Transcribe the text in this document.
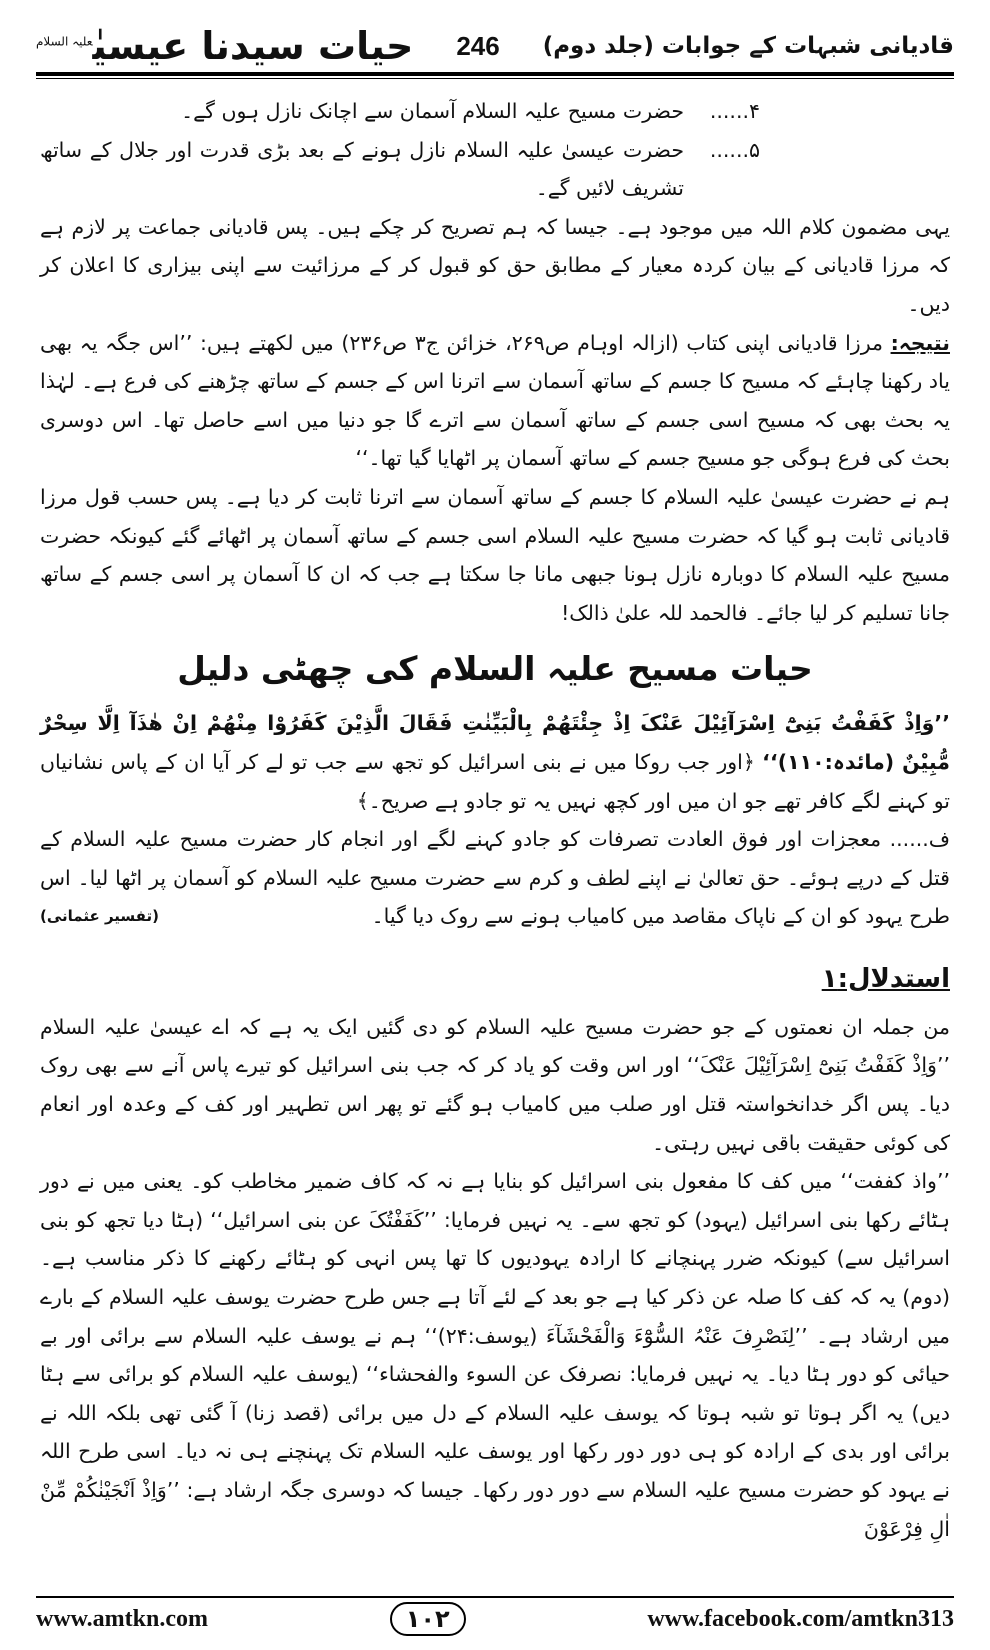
حیات سیدنا عیسیٰ$^{علیہ السلام}$	246 قادیانی شبہات کے جوابات (جلد دوم)
۴......
حضرت مسیح علیہ السلام آسمان سے اچانک نازل ہوں گے۔
۵......
حضرت عیسیٰ علیہ السلام نازل ہونے کے بعد بڑی قدرت اور جلال کے ساتھ تشریف لائیں گے۔

یہی مضمون کلام اللہ میں موجود ہے۔ جیسا کہ ہم تصریح کر چکے ہیں۔ پس قادیانی جماعت پر لازم ہے کہ مرزا قادیانی کے بیان کردہ معیار کے مطابق حق کو قبول کر کے مرزائیت سے اپنی بیزاری کا اعلان کر دیں۔

نتیجہ: مرزا قادیانی اپنی کتاب (ازالہ اوہام ص۲۶۹، خزائن ج۳ ص۲۳۶) میں لکھتے ہیں: ’’اس جگہ یہ بھی یاد رکھنا چاہئے کہ مسیح کا جسم کے ساتھ آسمان سے اترنا اس کے جسم کے ساتھ چڑھنے کی فرع ہے۔ لہٰذا یہ بحث بھی کہ مسیح اسی جسم کے ساتھ آسمان سے اترے گا جو دنیا میں اسے حاصل تھا۔ اس دوسری بحث کی فرع ہوگی جو مسیح جسم کے ساتھ آسمان پر اٹھایا گیا تھا۔‘‘

ہم نے حضرت عیسیٰ علیہ السلام کا جسم کے ساتھ آسمان سے اترنا ثابت کر دیا ہے۔ پس حسب قول مرزا قادیانی ثابت ہو گیا کہ حضرت مسیح علیہ السلام اسی جسم کے ساتھ آسمان پر اٹھائے گئے کیونکہ حضرت مسیح علیہ السلام کا دوبارہ نازل ہونا جبھی مانا جا سکتا ہے جب کہ ان کا آسمان پر اسی جسم کے ساتھ جانا تسلیم کر لیا جائے۔ فالحمد للہ علیٰ ذالک!

حیات مسیح علیہ السلام کی چھٹی دلیل

’’وَاِذْ کَفَفْتُ بَنِیْٓ اِسْرَآئِیْلَ عَنْکَ اِذْ جِئْتَھُمْ بِالْبَیِّنٰتِ فَقَالَ الَّذِیْنَ کَفَرُوْا مِنْھُمْ اِنْ ھٰذَآ اِلَّا سِحْرٌ مُّبِیْنٌ (مائدہ:۱۱۰)‘‘ ﴿اور جب روکا میں نے بنی اسرائیل کو تجھ سے جب تو لے کر آیا ان کے پاس نشانیاں تو کہنے لگے کافر تھے جو ان میں اور کچھ نہیں یہ تو جادو ہے صریح۔﴾

ف...... معجزات اور فوق العادت تصرفات کو جادو کہنے لگے اور انجام کار حضرت مسیح علیہ السلام کے قتل کے درپے ہوئے۔ حق تعالیٰ نے اپنے لطف و کرم سے حضرت مسیح علیہ السلام کو آسمان پر اٹھا لیا۔ اس طرح یہود کو ان کے ناپاک مقاصد میں کامیاب ہونے سے روک دیا گیا۔
(تفسیر عثمانی)

استدلال:۱

من جملہ ان نعمتوں کے جو حضرت مسیح علیہ السلام کو دی گئیں ایک یہ ہے کہ اے عیسیٰ علیہ السلام ’’وَاِذْ کَفَفْتُ بَنِیْٓ اِسْرَآئِیْلَ عَنْکَ‘‘ اور اس وقت کو یاد کر کہ جب بنی اسرائیل کو تیرے پاس آنے سے بھی روک دیا۔ پس اگر خدانخواستہ قتل اور صلب میں کامیاب ہو گئے تو پھر اس تطہیر اور کف کے وعدہ اور انعام کی کوئی حقیقت باقی نہیں رہتی۔

’’واذ کففت‘‘ میں کف کا مفعول بنی اسرائیل کو بنایا ہے نہ کہ کاف ضمیر مخاطب کو۔ یعنی میں نے دور ہٹائے رکھا بنی اسرائیل (یہود) کو تجھ سے۔ یہ نہیں فرمایا: ’’کَفَفْتُکَ عن بنی اسرائیل‘‘ (ہٹا دیا تجھ کو بنی اسرائیل سے) کیونکہ ضرر پہنچانے کا ارادہ یہودیوں کا تھا پس انہی کو ہٹائے رکھنے کا ذکر مناسب ہے۔ (دوم) یہ کہ کف کا صلہ عن ذکر کیا ہے جو بعد کے لئے آتا ہے جس طرح حضرت یوسف علیہ السلام کے بارے میں ارشاد ہے۔ ’’لِنَصْرِفَ عَنْہُ السُّوْٓءَ وَالْفَحْشَآءَ (یوسف:۲۴)‘‘ ہم نے یوسف علیہ السلام سے برائی اور بے حیائی کو دور ہٹا دیا۔ یہ نہیں فرمایا: نصرفک عن السوء والفحشاء‘‘ (یوسف علیہ السلام کو برائی سے ہٹا دیں) یہ اگر ہوتا تو شبہ ہوتا کہ یوسف علیہ السلام کے دل میں برائی (قصد زنا) آ گئی تھی بلکہ اللہ نے برائی اور بدی کے ارادہ کو ہی دور دور رکھا اور یوسف علیہ السلام تک پہنچنے ہی نہ دیا۔ اسی طرح اللہ نے یہود کو حضرت مسیح علیہ السلام سے دور دور رکھا۔ جیسا کہ دوسری جگہ ارشاد ہے: ’’وَاِذْ اَنْجَیْنٰکُمْ مِّنْ اٰلِ فِرْعَوْنَ

www.amtkn.com	۱۰۲	www.facebook.com/amtkn313
